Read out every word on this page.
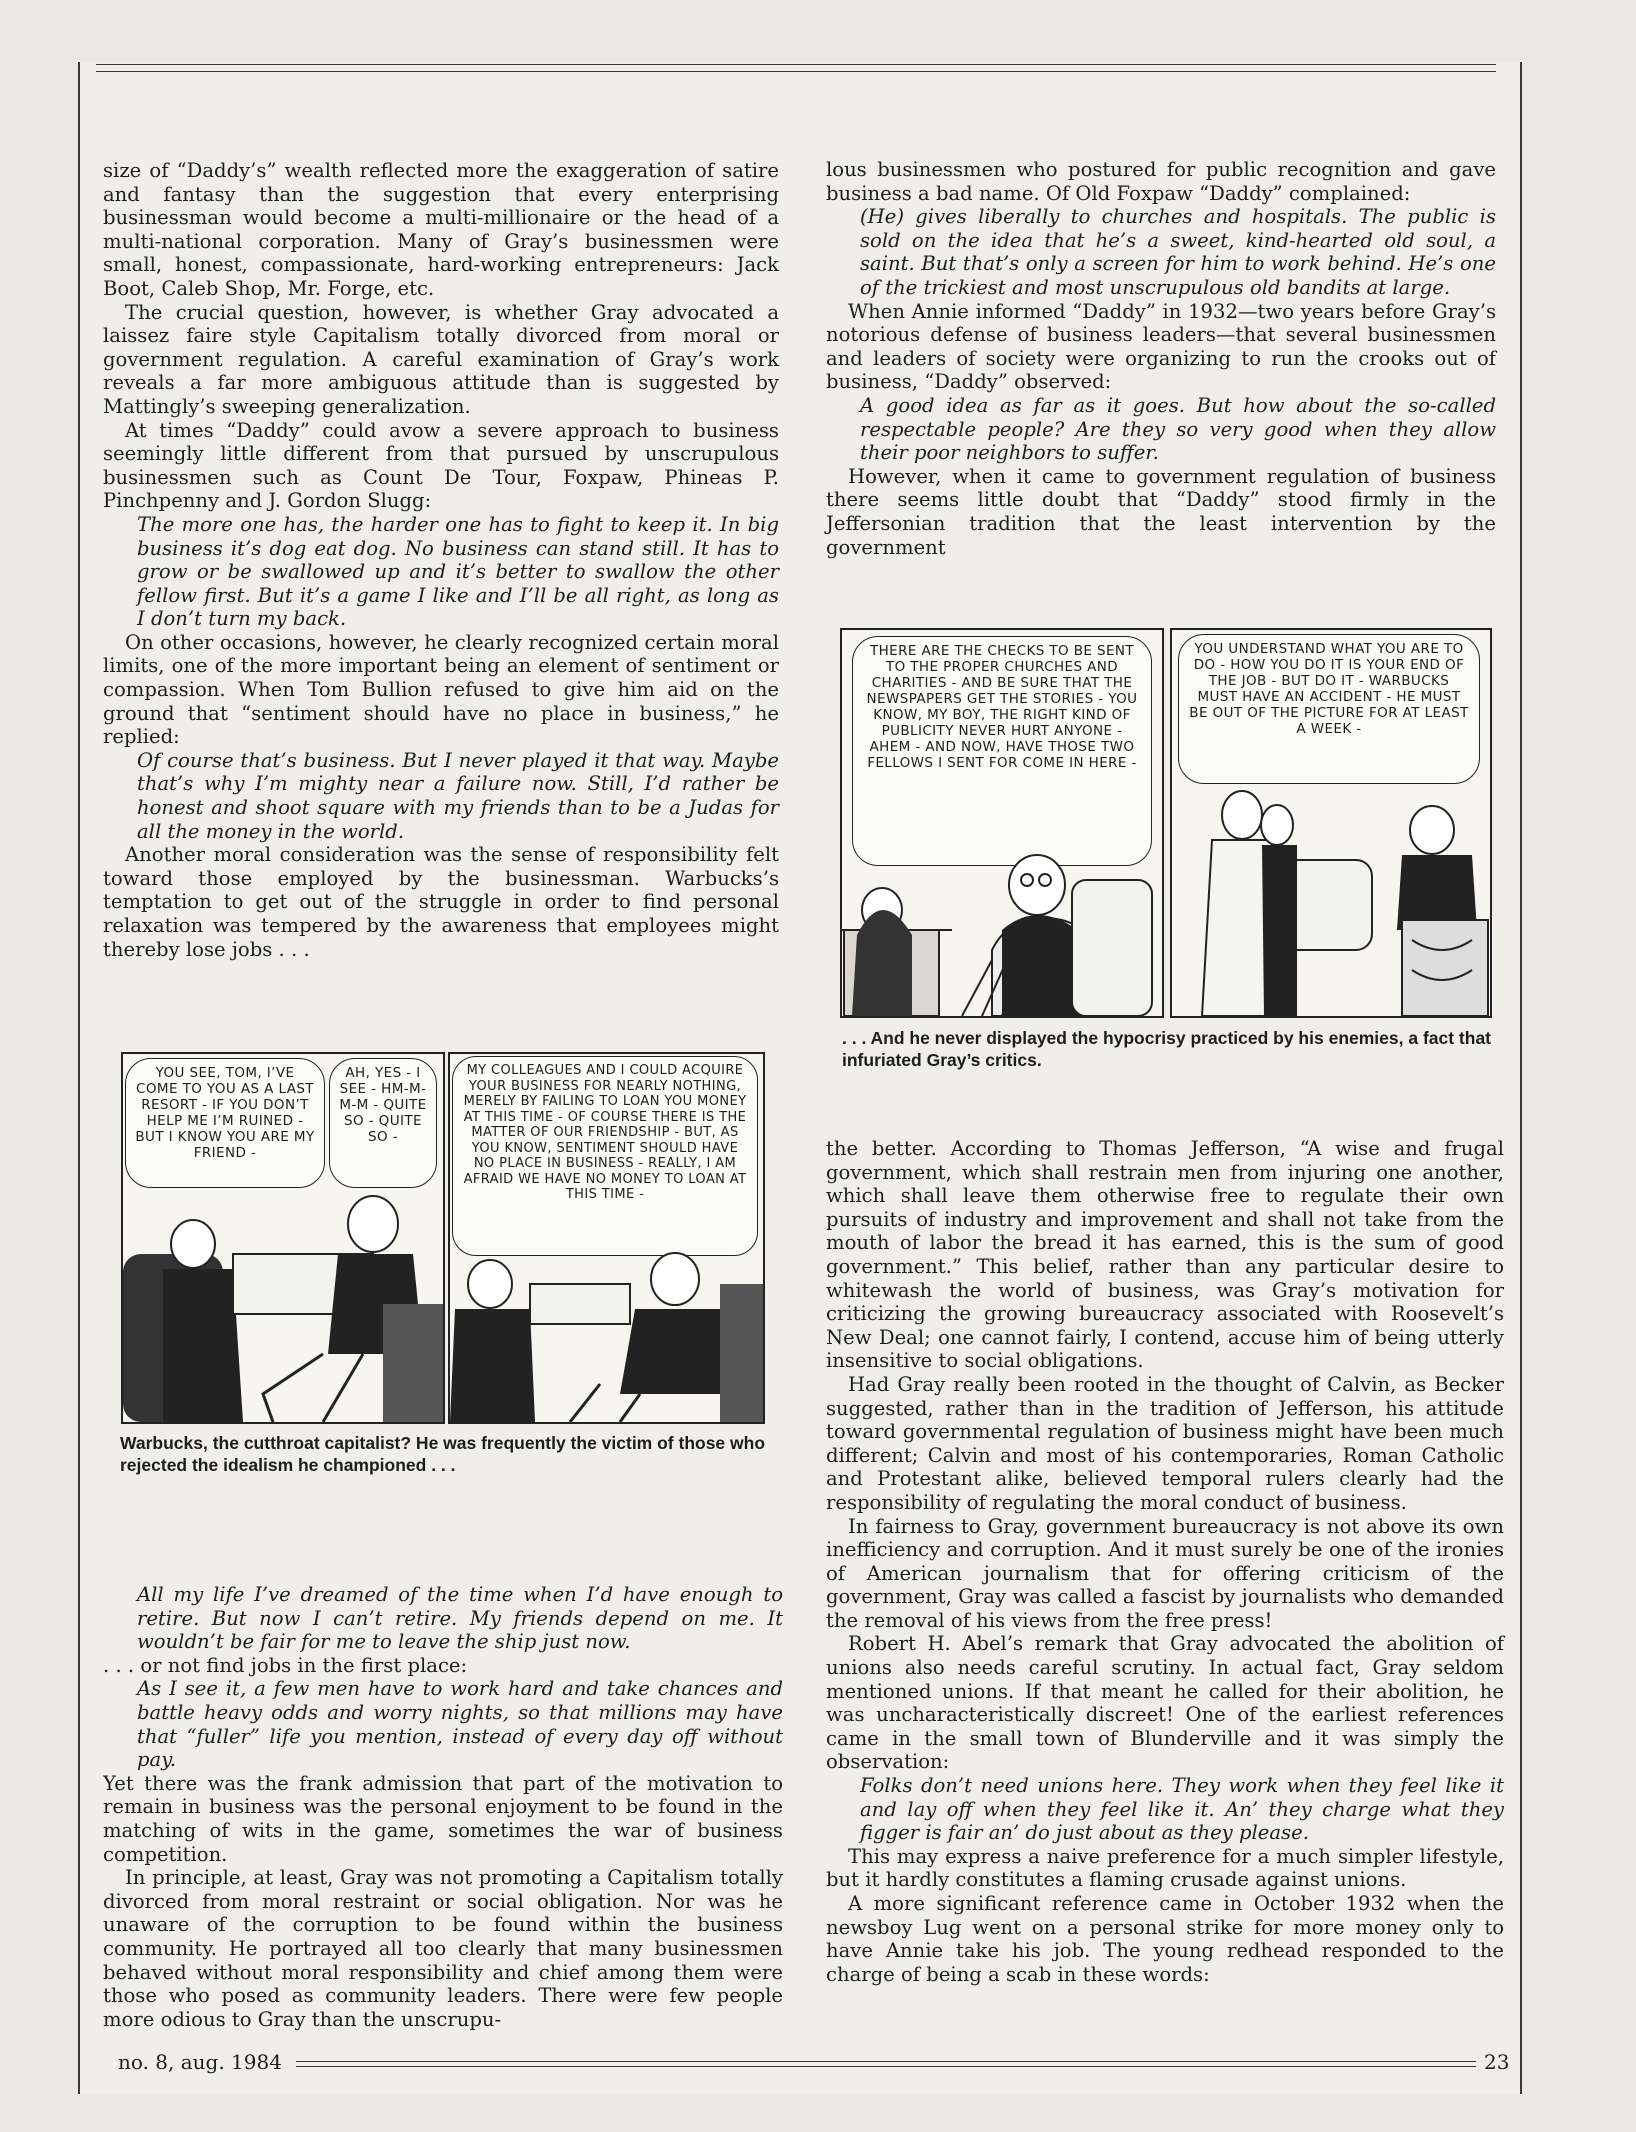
size of “Daddy’s” wealth reflected more the exaggeration of satire and fantasy than the suggestion that every enterprising businessman would become a multi-millionaire or the head of a multi-national corporation. Many of Gray’s businessmen were small, honest, compassionate, hard-working entrepreneurs: Jack Boot, Caleb Shop, Mr. Forge, etc.

The crucial question, however, is whether Gray advocated a laissez faire style Capitalism totally divorced from moral or government regulation. A careful examination of Gray’s work reveals a far more ambiguous attitude than is suggested by Mattingly’s sweeping generalization.

At times “Daddy” could avow a severe approach to business seemingly little different from that pursued by unscrupulous businessmen such as Count De Tour, Foxpaw, Phineas P. Pinchpenny and J. Gordon Slugg:

The more one has, the harder one has to fight to keep it. In big business it’s dog eat dog. No business can stand still. It has to grow or be swallowed up and it’s better to swallow the other fellow first. But it’s a game I like and I’ll be all right, as long as I don’t turn my back.

On other occasions, however, he clearly recognized certain moral limits, one of the more important being an element of sentiment or compassion. When Tom Bullion refused to give him aid on the ground that “sentiment should have no place in business,” he replied:

Of course that’s business. But I never played it that way. Maybe that’s why I’m mighty near a failure now. Still, I’d rather be honest and shoot square with my friends than to be a Judas for all the money in the world.

Another moral consideration was the sense of responsibility felt toward those employed by the businessman. Warbucks’s temptation to get out of the struggle in order to find personal relaxation was tempered by the awareness that employees might thereby lose jobs . . .

lous businessmen who postured for public recognition and gave business a bad name. Of Old Foxpaw “Daddy” complained:

(He) gives liberally to churches and hospitals. The public is sold on the idea that he’s a sweet, kind-hearted old soul, a saint. But that’s only a screen for him to work behind. He’s one of the trickiest and most unscrupulous old bandits at large.

When Annie informed “Daddy” in 1932—two years before Gray’s notorious defense of business leaders—that several businessmen and leaders of society were organizing to run the crooks out of business, “Daddy” observed:

A good idea as far as it goes. But how about the so-called respectable people? Are they so very good when they allow their poor neighbors to suffer.

However, when it came to government regulation of business there seems little doubt that “Daddy” stood firmly in the Jeffersonian tradition that the least intervention by the government

THERE ARE THE CHECKS TO BE SENT TO THE PROPER CHURCHES AND CHARITIES - AND BE SURE THAT THE NEWSPAPERS GET THE STORIES - YOU KNOW, MY BOY, THE RIGHT KIND OF PUBLICITY NEVER HURT ANYONE - AHEM - AND NOW, HAVE THOSE TWO FELLOWS I SENT FOR COME IN HERE -
YOU UNDERSTAND WHAT YOU ARE TO DO - HOW YOU DO IT IS YOUR END OF THE JOB - BUT DO IT - WARBUCKS MUST HAVE AN ACCIDENT - HE MUST BE OUT OF THE PICTURE FOR AT LEAST A WEEK -
. . . And he never displayed the hypocrisy practiced by his enemies, a fact that infuriated Gray’s critics.
YOU SEE, TOM, I’VE COME TO YOU AS A LAST RESORT - IF YOU DON’T HELP ME I’M RUINED - BUT I KNOW YOU ARE MY FRIEND -
AH, YES - I SEE - HM-M-M-M - QUITE SO - QUITE SO -
MY COLLEAGUES AND I COULD ACQUIRE YOUR BUSINESS FOR NEARLY NOTHING, MERELY BY FAILING TO LOAN YOU MONEY AT THIS TIME - OF COURSE THERE IS THE MATTER OF OUR FRIENDSHIP - BUT, AS YOU KNOW, SENTIMENT SHOULD HAVE NO PLACE IN BUSINESS - REALLY, I AM AFRAID WE HAVE NO MONEY TO LOAN AT THIS TIME -
Warbucks, the cutthroat capitalist? He was frequently the victim of those who rejected the idealism he championed . . .

All my life I’ve dreamed of the time when I’d have enough to retire. But now I can’t retire. My friends depend on me. It wouldn’t be fair for me to leave the ship just now.

. . . or not find jobs in the first place:

As I see it, a few men have to work hard and take chances and battle heavy odds and worry nights, so that millions may have that “fuller” life you mention, instead of every day off without pay.

Yet there was the frank admission that part of the motivation to remain in business was the personal enjoyment to be found in the matching of wits in the game, sometimes the war of business competition.

In principle, at least, Gray was not promoting a Capitalism totally divorced from moral restraint or social obligation. Nor was he unaware of the corruption to be found within the business community. He portrayed all too clearly that many businessmen behaved without moral responsibility and chief among them were those who posed as community leaders. There were few people more odious to Gray than the unscrupu-

the better. According to Thomas Jefferson, “A wise and frugal government, which shall restrain men from injuring one another, which shall leave them otherwise free to regulate their own pursuits of industry and improvement and shall not take from the mouth of labor the bread it has earned, this is the sum of good government.” This belief, rather than any particular desire to whitewash the world of business, was Gray’s motivation for criticizing the growing bureaucracy associated with Roosevelt’s New Deal; one cannot fairly, I contend, accuse him of being utterly insensitive to social obligations.

Had Gray really been rooted in the thought of Calvin, as Becker suggested, rather than in the tradition of Jefferson, his attitude toward governmental regulation of business might have been much different; Calvin and most of his contemporaries, Roman Catholic and Protestant alike, believed temporal rulers clearly had the responsibility of regulating the moral conduct of business.

In fairness to Gray, government bureaucracy is not above its own inefficiency and corruption. And it must surely be one of the ironies of American journalism that for offering criticism of the government, Gray was called a fascist by journalists who demanded the removal of his views from the free press!

Robert H. Abel’s remark that Gray advocated the abolition of unions also needs careful scrutiny. In actual fact, Gray seldom mentioned unions. If that meant he called for their abolition, he was uncharacteristically discreet! One of the earliest references came in the small town of Blunderville and it was simply the observation:

Folks don’t need unions here. They work when they feel like it and lay off when they feel like it. An’ they charge what they figger is fair an’ do just about as they please.

This may express a naive preference for a much simpler lifestyle, but it hardly constitutes a flaming crusade against unions.

A more significant reference came in October 1932 when the newsboy Lug went on a personal strike for more money only to have Annie take his job. The young redhead responded to the charge of being a scab in these words:

no. 8, aug. 1984	23
